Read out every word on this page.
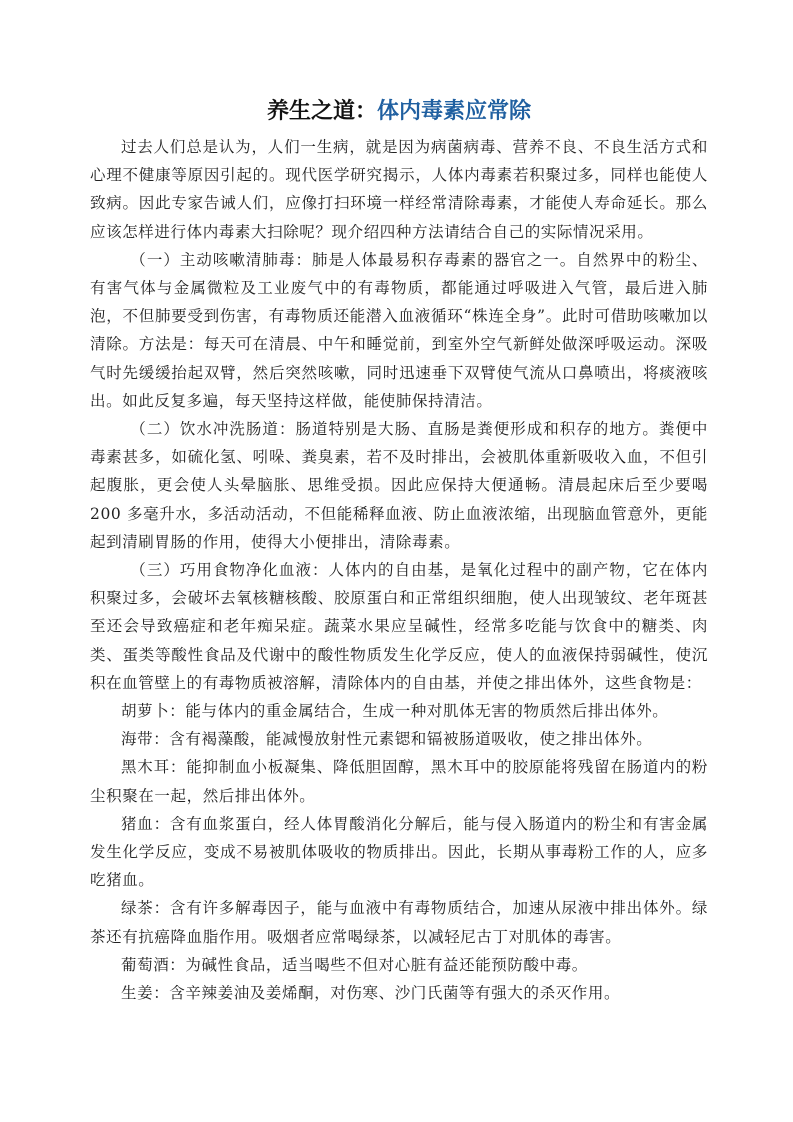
养生之道：体内毒素应常除

过去人们总是认为，人们一生病，就是因为病菌病毒、营养不良、不良生活方式和心理不健康等原因引起的。现代医学研究揭示，人体内毒素若积聚过多，同样也能使人致病。因此专家告诫人们，应像打扫环境一样经常清除毒素，才能使人寿命延长。那么应该怎样进行体内毒素大扫除呢？现介绍四种方法请结合自己的实际情况采用。

（一）主动咳嗽清肺毒：肺是人体最易积存毒素的器官之一。自然界中的粉尘、有害气体与金属微粒及工业废气中的有毒物质，都能通过呼吸进入气管，最后进入肺泡，不但肺要受到伤害，有毒物质还能潜入血液循环“株连全身”。此时可借助咳嗽加以清除。方法是：每天可在清晨、中午和睡觉前，到室外空气新鲜处做深呼吸运动。深吸气时先缓缓抬起双臂，然后突然咳嗽，同时迅速垂下双臂使气流从口鼻喷出，将痰液咳出。如此反复多遍，每天坚持这样做，能使肺保持清洁。

（二）饮水冲洗肠道：肠道特别是大肠、直肠是粪便形成和积存的地方。粪便中毒素甚多，如硫化氢、吲哚、粪臭素，若不及时排出，会被肌体重新吸收入血，不但引起腹胀，更会使人头晕脑胀、思维受损。因此应保持大便通畅。清晨起床后至少要喝 200 多毫升水，多活动活动，不但能稀释血液、防止血液浓缩，出现脑血管意外，更能起到清刷胃肠的作用，使得大小便排出，清除毒素。

（三）巧用食物净化血液：人体内的自由基，是氧化过程中的副产物，它在体内积聚过多，会破坏去氧核糖核酸、胶原蛋白和正常组织细胞，使人出现皱纹、老年斑甚至还会导致癌症和老年痴呆症。蔬菜水果应呈碱性，经常多吃能与饮食中的糖类、肉类、蛋类等酸性食品及代谢中的酸性物质发生化学反应，使人的血液保持弱碱性，使沉积在血管壁上的有毒物质被溶解，清除体内的自由基，并使之排出体外，这些食物是：

胡萝卜：能与体内的重金属结合，生成一种对肌体无害的物质然后排出体外。

海带：含有褐藻酸，能减慢放射性元素锶和镉被肠道吸收，使之排出体外。

黑木耳：能抑制血小板凝集、降低胆固醇，黑木耳中的胶原能将残留在肠道内的粉尘积聚在一起，然后排出体外。

猪血：含有血浆蛋白，经人体胃酸消化分解后，能与侵入肠道内的粉尘和有害金属发生化学反应，变成不易被肌体吸收的物质排出。因此，长期从事毒粉工作的人，应多吃猪血。

绿茶：含有许多解毒因子，能与血液中有毒物质结合，加速从尿液中排出体外。绿茶还有抗癌降血脂作用。吸烟者应常喝绿茶，以减轻尼古丁对肌体的毒害。

葡萄酒：为碱性食品，适当喝些不但对心脏有益还能预防酸中毒。

生姜：含辛辣姜油及姜烯酮，对伤寒、沙门氏菌等有强大的杀灭作用。
